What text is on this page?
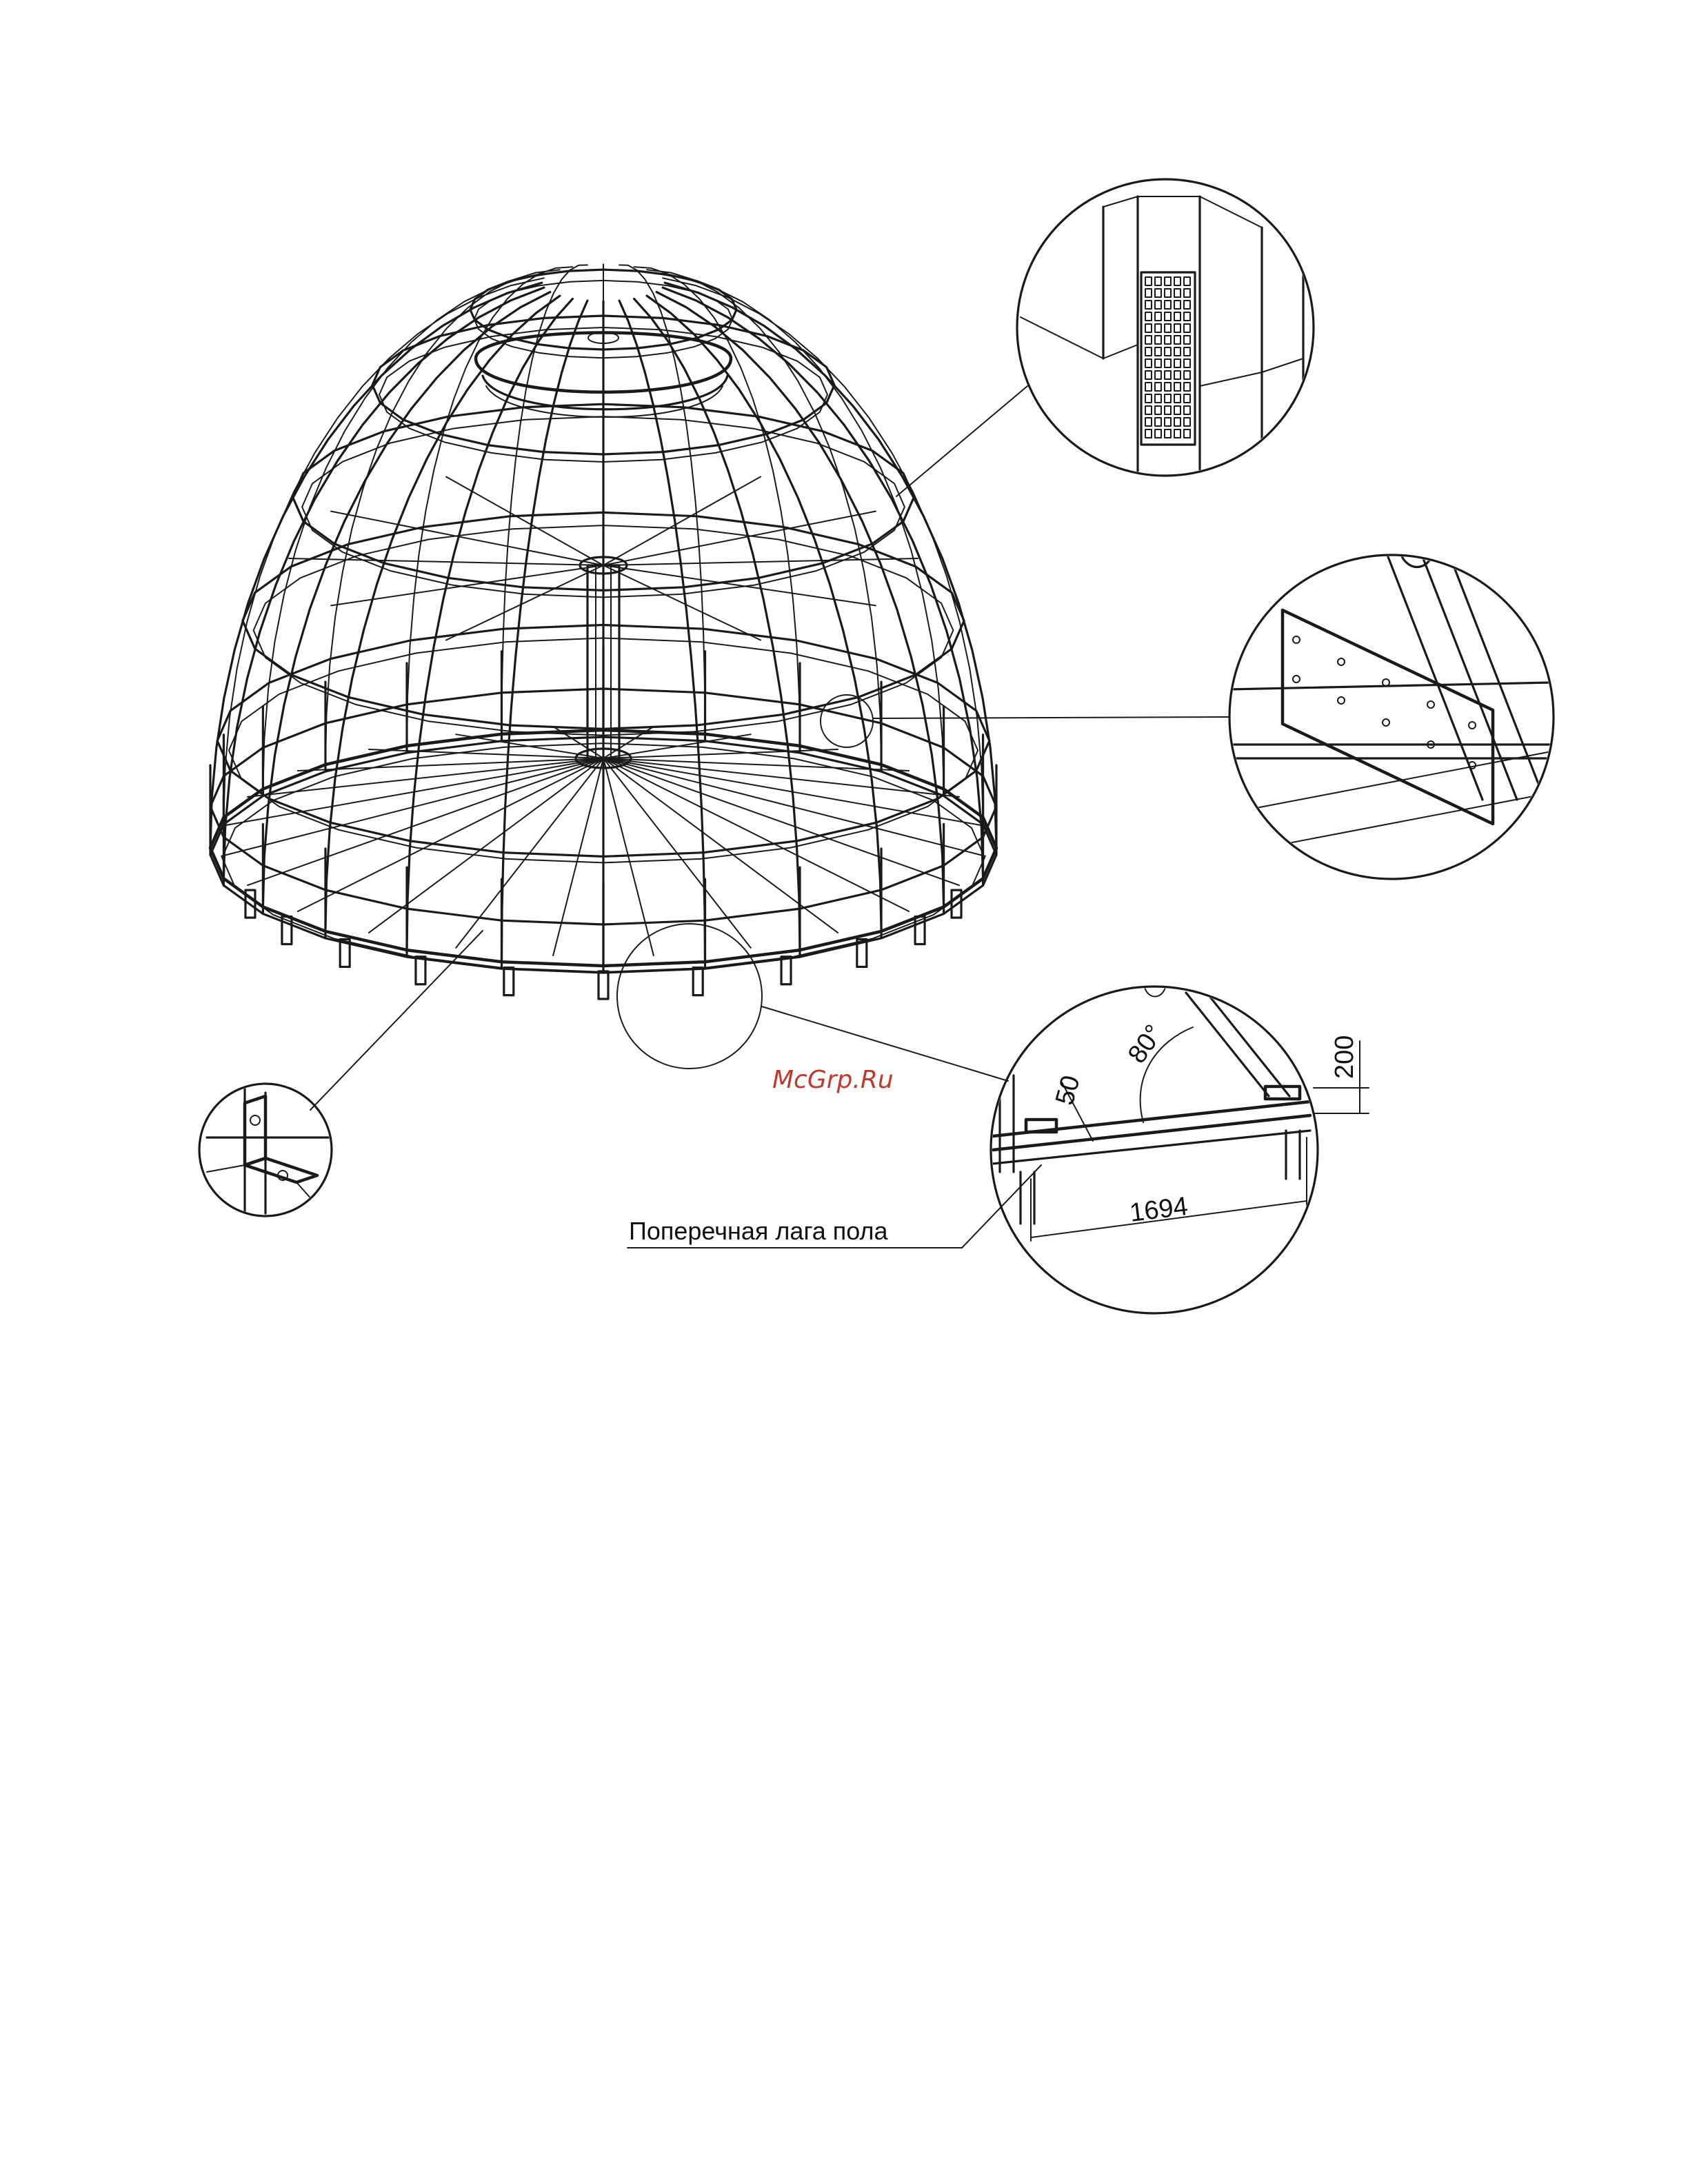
200
50
80°
1694
Поперечная лага пола
McGrp.Ru
